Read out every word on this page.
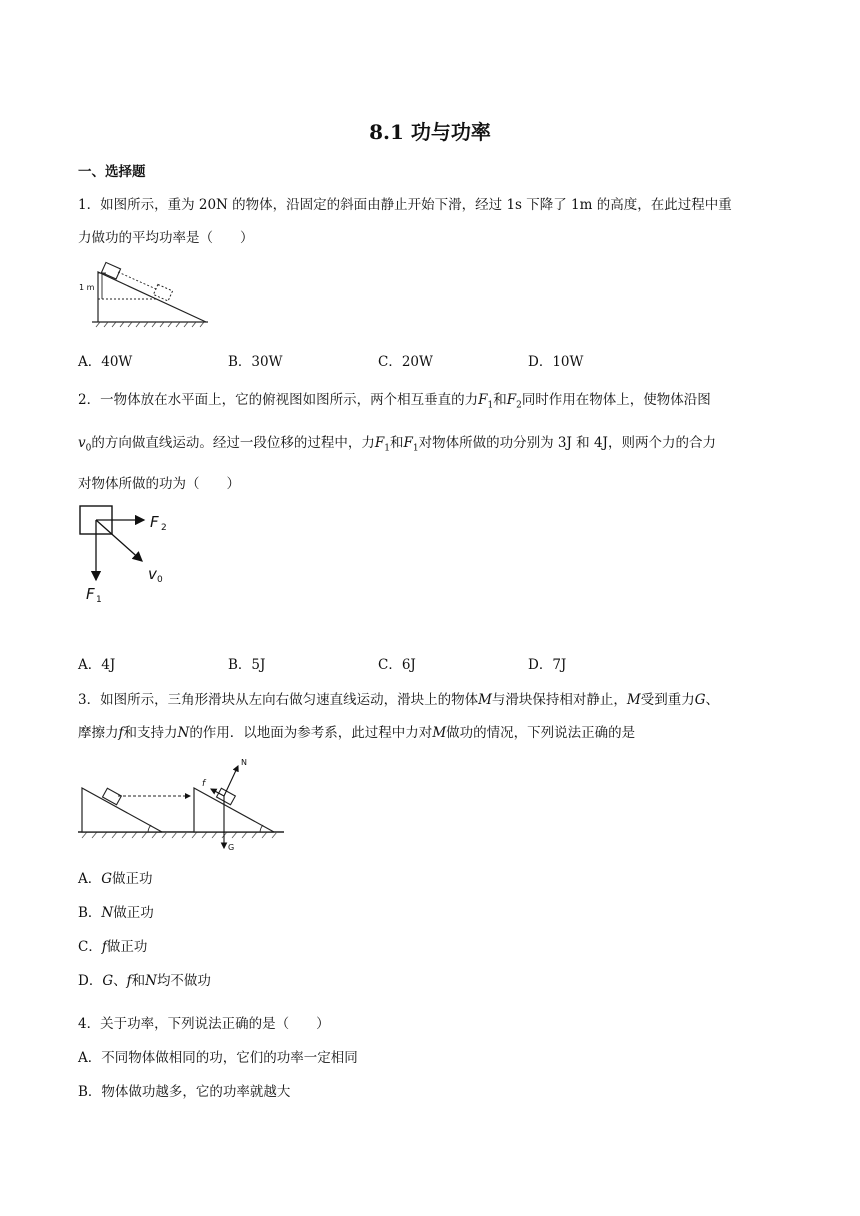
8.1 功与功率
一、选择题
1．如图所示，重为 20N 的物体，沿固定的斜面由静止开始下滑，经过 1s 下降了 1m 的高度，在此过程中重
力做功的平均功率是（　　）
1 m
A．40W	B．30W	C．20W	D．10W
2．一物体放在水平面上，它的俯视图如图所示，两个相互垂直的力$F_1$和$F_2$同时作用在物体上，使物体沿图
$v_0$的方向做直线运动。经过一段位移的过程中，力$F_1$和$F_1$对物体所做的功分别为 3J 和 4J，则两个力的合力
对物体所做的功为（　　）
F 2
v 0
F 1
A．4J	B．5J	C．6J	D．7J
3．如图所示，三角形滑块从左向右做匀速直线运动，滑块上的物体M与滑块保持相对静止，M受到重力G、
摩擦力f和支持力N的作用．以地面为参考系，此过程中力对M做功的情况，下列说法正确的是
N
f
G
A．G做正功
B．N做正功
C．f做正功
D．G、f和N均不做功
4．关于功率，下列说法正确的是（　　）
A．不同物体做相同的功，它们的功率一定相同
B．物体做功越多，它的功率就越大
